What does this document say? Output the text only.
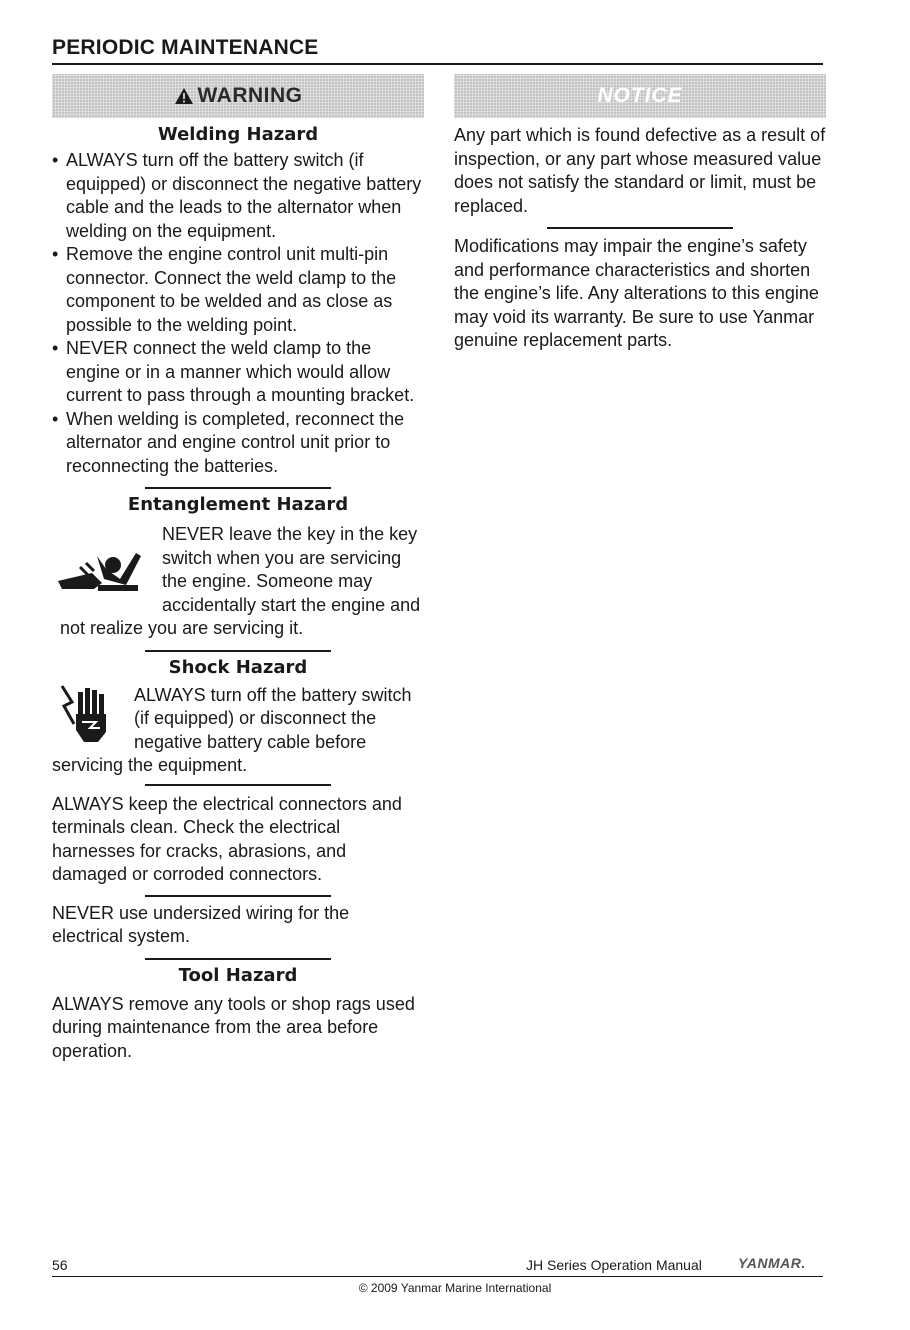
PERIODIC MAINTENANCE
WARNING
Welding Hazard
• ALWAYS turn off the battery switch (if equipped) or disconnect the negative battery cable and the leads to the alternator when welding on the equipment.
• Remove the engine control unit multi-pin connector. Connect the weld clamp to the component to be welded and as close as possible to the welding point.
• NEVER connect the weld clamp to the engine or in a manner which would allow current to pass through a mounting bracket.
• When welding is completed, reconnect the alternator and engine control unit prior to reconnecting the batteries.
Entanglement Hazard

NEVER leave the key in the key switch when you are servicing the engine. Someone may accidentally start the engine and not realize you are servicing it.

Shock Hazard

ALWAYS turn off the battery switch (if equipped) or disconnect the negative battery cable before servicing the equipment.

ALWAYS keep the electrical connectors and terminals clean. Check the electrical harnesses for cracks, abrasions, and damaged or corroded connectors.

NEVER use undersized wiring for the electrical system.

Tool Hazard

ALWAYS remove any tools or shop rags used during maintenance from the area before operation.

NOTICE

Any part which is found defective as a result of inspection, or any part whose measured value does not satisfy the standard or limit, must be replaced.

Modifications may impair the engine’s safety and performance characteristics and shorten the engine’s life. Any alterations to this engine may void its warranty. Be sure to use Yanmar genuine replacement parts.

56	JH Series Operation Manual	YANMAR.
© 2009 Yanmar Marine International
